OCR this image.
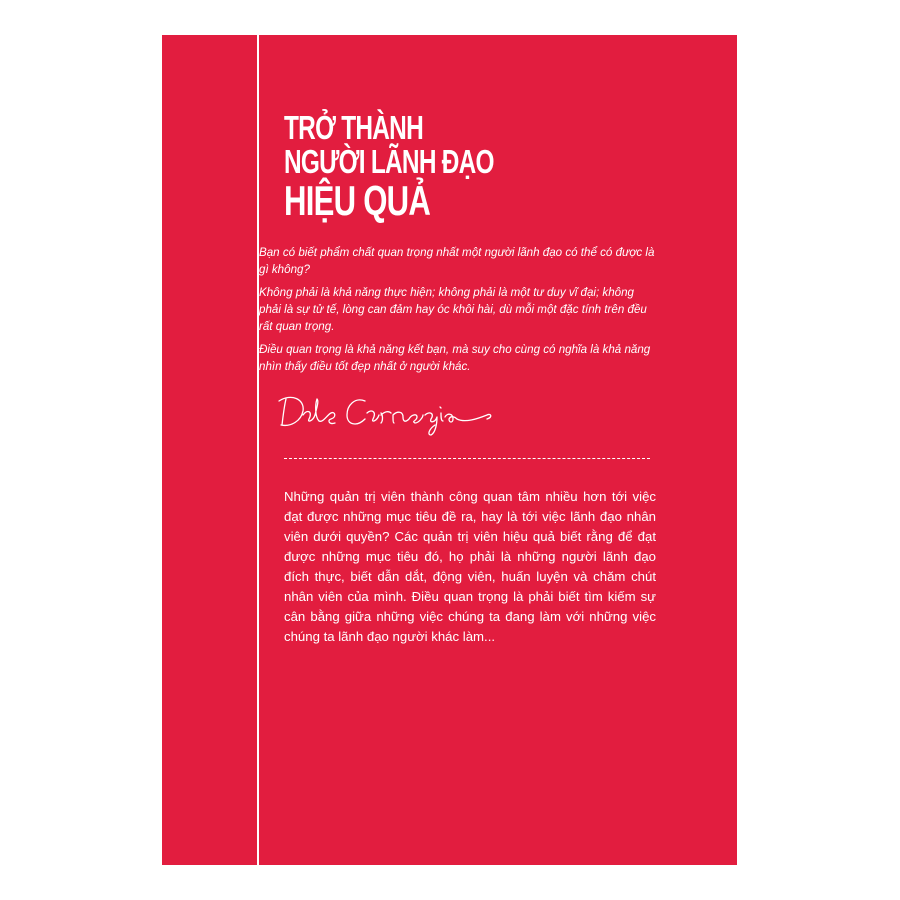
TRỞ THÀNH
NGƯỜI LÃNH ĐẠO
HIỆU QUẢ

Bạn có biết phẩm chất quan trọng nhất một người lãnh đạo có thể có được là gì không?

Không phải là khả năng thực hiện; không phải là một tư duy vĩ đại; không phải là sự tử tế, lòng can đảm hay óc khôi hài, dù mỗi một đặc tính trên đều rất quan trọng.

Điều quan trọng là khả năng kết bạn, mà suy cho cùng có nghĩa là khả năng nhìn thấy điều tốt đẹp nhất ở người khác.

Những quản trị viên thành công quan tâm nhiều hơn tới việc đạt được những mục tiêu đề ra, hay là tới việc lãnh đạo nhân viên dưới quyền? Các quản trị viên hiệu quả biết rằng để đạt được những mục tiêu đó, họ phải là những người lãnh đạo đích thực, biết dẫn dắt, động viên, huấn luyện và chăm chút nhân viên của mình. Điều quan trọng là phải biết tìm kiếm sự cân bằng giữa những việc chúng ta đang làm với những việc chúng ta lãnh đạo người khác làm...
